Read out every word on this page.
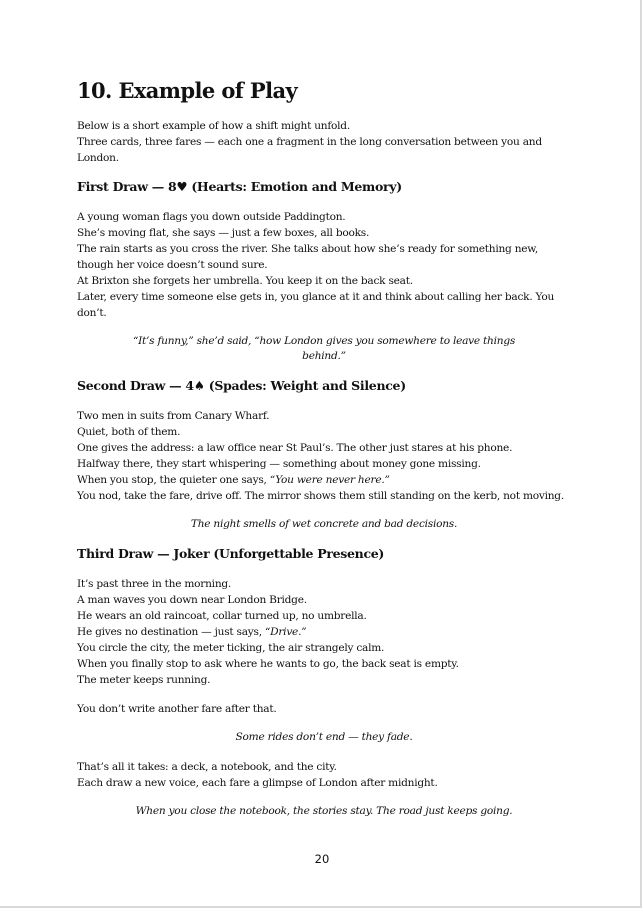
10. Example of Play

Below is a short example of how a shift might unfold.
Three cards, three fares — each one a fragment in the long conversation between you and London.

First Draw — 8♥ (Hearts: Emotion and Memory)

A young woman flags you down outside Paddington.
She’s moving flat, she says — just a few boxes, all books.
The rain starts as you cross the river. She talks about how she’s ready for something new, though her voice doesn’t sound sure.
At Brixton she forgets her umbrella. You keep it on the back seat.
Later, every time someone else gets in, you glance at it and think about calling her back. You don’t.

“It’s funny,” she’d said, “how London gives you somewhere to leave things behind.”
Second Draw — 4♠ (Spades: Weight and Silence)

Two men in suits from Canary Wharf.
Quiet, both of them.
One gives the address: a law office near St Paul’s. The other just stares at his phone.
Halfway there, they start whispering — something about money gone missing.
When you stop, the quieter one says, “You were never here.”
You nod, take the fare, drive off. The mirror shows them still standing on the kerb, not moving.

The night smells of wet concrete and bad decisions.
Third Draw — Joker (Unforgettable Presence)

It’s past three in the morning.
A man waves you down near London Bridge.
He wears an old raincoat, collar turned up, no umbrella.
He gives no destination — just says, “Drive.”
You circle the city, the meter ticking, the air strangely calm.
When you finally stop to ask where he wants to go, the back seat is empty.
The meter keeps running.

You don’t write another fare after that.

Some rides don’t end — they fade.

That’s all it takes: a deck, a notebook, and the city.
Each draw a new voice, each fare a glimpse of London after midnight.

When you close the notebook, the stories stay. The road just keeps going.
20
